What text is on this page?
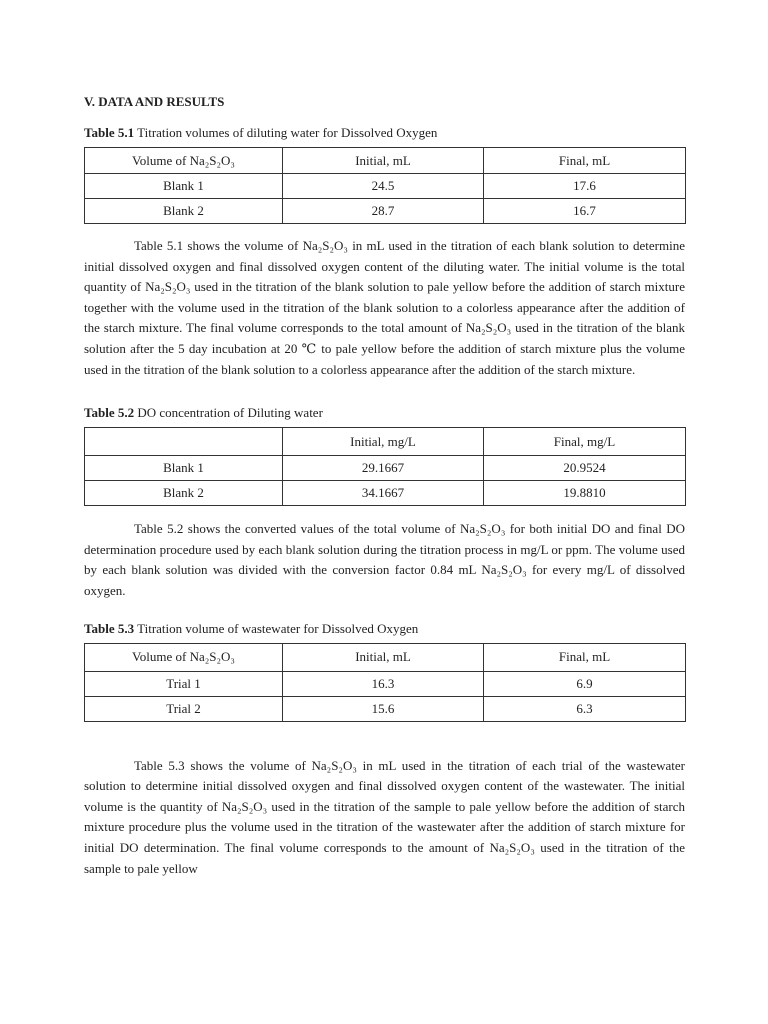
V. DATA AND RESULTS
Table 5.1 Titration volumes of diluting water for Dissolved Oxygen
Volume of Na₂S₂O₃	Initial, mL	Final, mL
Blank 1	24.5	17.6
Blank 2	28.7	16.7

Table 5.1 shows the volume of Na₂S₂O₃ in mL used in the titration of each blank solution to determine initial dissolved oxygen and final dissolved oxygen content of the diluting water. The initial volume is the total quantity of Na₂S₂O₃ used in the titration of the blank solution to pale yellow before the addition of starch mixture together with the volume used in the titration of the blank solution to a colorless appearance after the addition of the starch mixture. The final volume corresponds to the total amount of Na₂S₂O₃ used in the titration of the blank solution after the 5 day incubation at 20 ℃ to pale yellow before the addition of starch mixture plus the volume used in the titration of the blank solution to a colorless appearance after the addition of the starch mixture.

Table 5.2 DO concentration of Diluting water
	Initial, mg/L	Final, mg/L
Blank 1	29.1667	20.9524
Blank 2	34.1667	19.8810

Table 5.2 shows the converted values of the total volume of Na₂S₂O₃ for both initial DO and final DO determination procedure used by each blank solution during the titration process in mg/L or ppm. The volume used by each blank solution was divided with the conversion factor 0.84 mL Na₂S₂O₃ for every mg/L of dissolved oxygen.

Table 5.3 Titration volume of wastewater for Dissolved Oxygen
Volume of Na₂S₂O₃	Initial, mL	Final, mL
Trial 1	16.3	6.9
Trial 2	15.6	6.3

Table 5.3 shows the volume of Na₂S₂O₃ in mL used in the titration of each trial of the wastewater solution to determine initial dissolved oxygen and final dissolved oxygen content of the wastewater. The initial volume is the quantity of Na₂S₂O₃ used in the titration of the sample to pale yellow before the addition of starch mixture procedure plus the volume used in the titration of the wastewater after the addition of starch mixture for initial DO determination. The final volume corresponds to the amount of Na₂S₂O₃ used in the titration of the sample to pale yellow
